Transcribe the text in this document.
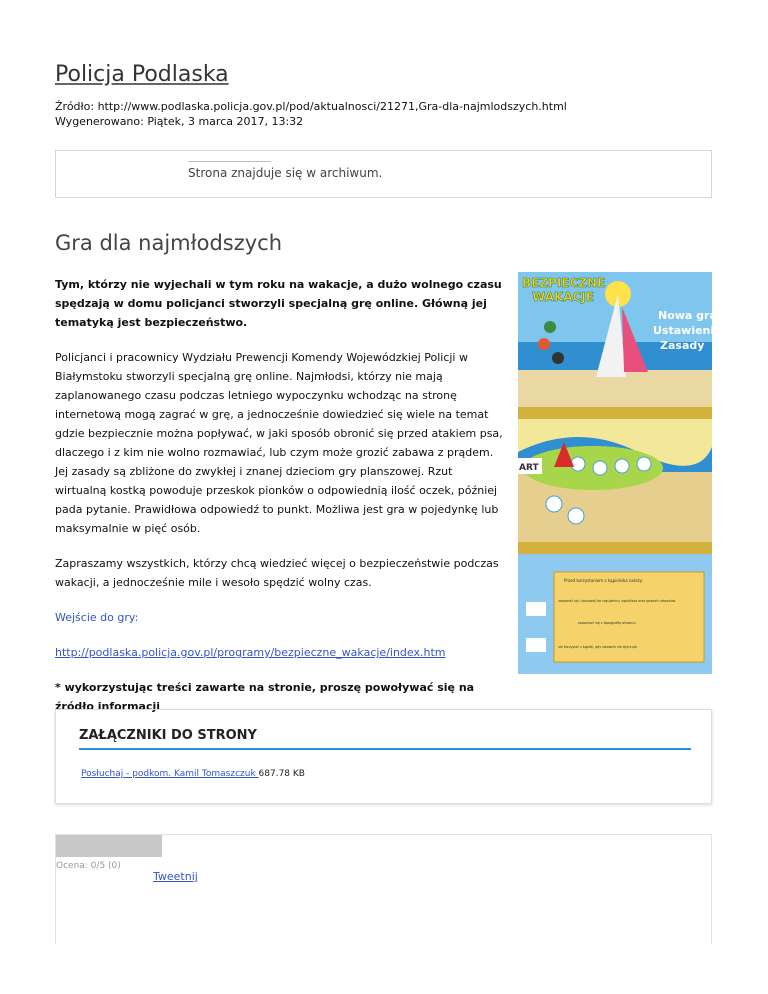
Policja Podlaska
Źródło: http://www.podlaska.policja.gov.pl/pod/aktualnosci/21271,Gra-dla-najmlodszych.html
Wygenerowano: Piątek, 3 marca 2017, 13:32
Strona znajduje się w archiwum.
Gra dla najmłodszych

Tym, którzy nie wyjechali w tym roku na wakacje, a dużo wolnego czasu spędzają w domu policjanci stworzyli specjalną grę online. Główną jej tematyką jest bezpieczeństwo.

Policjanci i pracownicy Wydziału Prewencji Komendy Wojewódzkiej Policji w Białymstoku stworzyli specjalną grę online. Najmłodsi, którzy nie mają zaplanowanego czasu podczas letniego wypoczynku wchodząc na stronę internetową mogą zagrać w grę, a jednocześnie dowiedzieć się wiele na temat gdzie bezpiecznie można popływać, w jaki sposób obronić się przed atakiem psa, dlaczego i z kim nie wolno rozmawiać, lub czym może grozić zabawa z prądem. Jej zasady są zbliżone do zwykłej i znanej dzieciom gry planszowej. Rzut wirtualną kostką powoduje przeskok pionków o odpowiednią ilość oczek, później pada pytanie. Prawidłowa odpowiedź to punkt. Możliwa jest gra w pojedynkę lub maksymalnie w pięć osób.

Zapraszamy wszystkich, którzy chcą wiedzieć więcej o bezpieczeństwie podczas wakacji, a jednocześnie mile i wesoło spędzić wolny czas.

Wejście do gry:

http://podlaska.policja.gov.pl/programy/bezpieczne_wakacje/index.htm

* wykorzystując treści zawarte na stronie, proszę powoływać się na źródło informacji

BEZPIECZNE
WAKACJE
Nowa gra
Ustawienia
Zasady
ART
Przed korzystaniem z kąpieliska należy:
zapoznać się i stosować do regulaminu kąpieliska oraz poleceń ratownika.
zapoznać się z topografią akwenu.
nie korzystać z kąpieli, gdy ratownik nie dyżuruje.
ZAŁĄCZNIKI DO STRONY
Posłuchaj - podkom. Kamil Tomaszczuk 687.78 KB
Ocena: 0/5 (0)
Tweetnij
